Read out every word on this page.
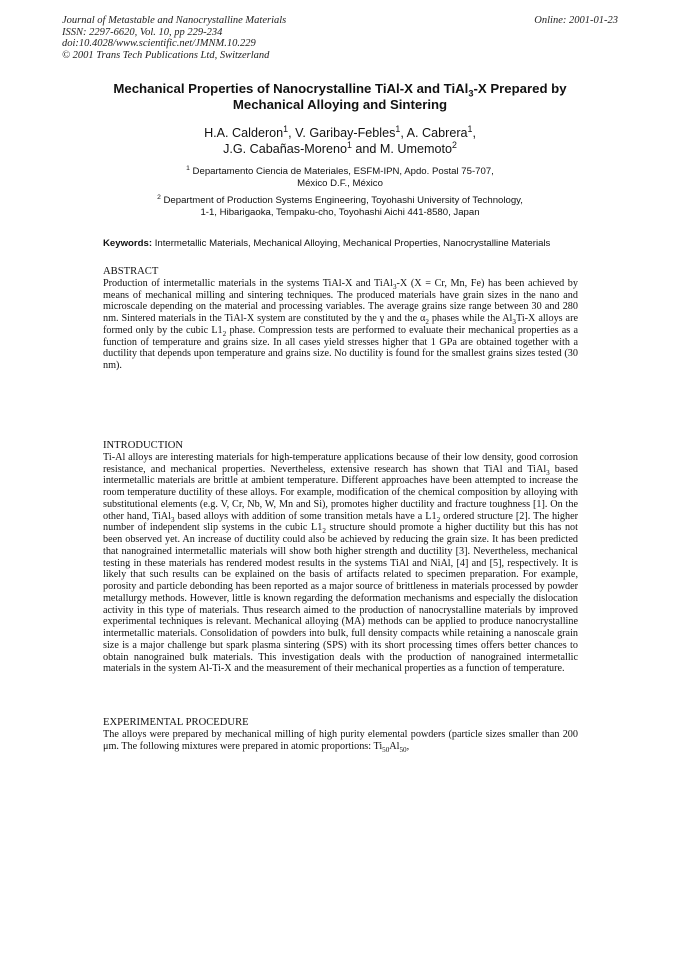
Journal of Metastable and Nanocrystalline Materials
ISSN: 2297-6620, Vol. 10, pp 229-234
doi:10.4028/www.scientific.net/JMNM.10.229
© 2001 Trans Tech Publications Ltd, Switzerland
Online: 2001-01-23
Mechanical Properties of Nanocrystalline TiAl-X and TiAl$_3$-X Prepared by
Mechanical Alloying and Sintering
H.A. Calderon$^1$, V. Garibay-Febles$^1$, A. Cabrera$^1$,
J.G. Cabañas-Moreno$^1$ and M. Umemoto$^2$
$^1$ Departamento Ciencia de Materiales, ESFM-IPN, Apdo. Postal 75-707,
México D.F., México
$^2$ Department of Production Systems Engineering, Toyohashi University of Technology,
1-1, Hibarigaoka, Tempaku-cho, Toyohashi Aichi 441-8580, Japan
Keywords: Intermetallic Materials, Mechanical Alloying, Mechanical Properties, Nanocrystalline Materials
ABSTRACT

Production of intermetallic materials in the systems TiAl-X and TiAl$_3$-X (X = Cr, Mn, Fe) has been achieved by means of mechanical milling and sintering techniques. The produced materials have grain sizes in the nano and microscale depending on the material and processing variables. The average grains size range between 30 and 280 nm. Sintered materials in the TiAl-X system are constituted by the γ and the $\alpha_2$ phases while the $Al_3Ti-X$ alloys are formed only by the cubic $L1_2$ phase. Compression tests are performed to evaluate their mechanical properties as a function of temperature and grains size. In all cases yield stresses higher that 1 GPa are obtained together with a ductility that depends upon temperature and grains size. No ductility is found for the smallest grains sizes tested (30 nm).

INTRODUCTION

Ti-Al alloys are interesting materials for high-temperature applications because of their low density, good corrosion resistance, and mechanical properties. Nevertheless, extensive research has shown that TiAl and TiAl$_3$ based intermetallic materials are brittle at ambient temperature. Different approaches have been attempted to increase the room temperature ductility of these alloys. For example, modification of the chemical composition by alloying with substitutional elements (e.g. V, Cr, Nb, W, Mn and Si), promotes higher ductility and fracture toughness [1]. On the other hand, TiAl$_3$ based alloys with addition of some transition metals have a $L1_2$ ordered structure [2]. The higher number of independent slip systems in the cubic $L1_2$ structure should promote a higher ductility but this has not been observed yet. An increase of ductility could also be achieved by reducing the grain size. It has been predicted that nanograined intermetallic materials will show both higher strength and ductility [3]. Nevertheless, mechanical testing in these materials has rendered modest results in the systems TiAl and NiAl, [4] and [5], respectively. It is likely that such results can be explained on the basis of artifacts related to specimen preparation. For example, porosity and particle debonding has been reported as a major source of brittleness in materials processed by powder metallurgy methods. However, little is known regarding the deformation mechanisms and especially the dislocation activity in this type of materials. Thus research aimed to the production of nanocrystalline materials by improved experimental techniques is relevant. Mechanical alloying (MA) methods can be applied to produce nanocrystalline intermetallic materials. Consolidation of powders into bulk, full density compacts while retaining a nanoscale grain size is a major challenge but spark plasma sintering (SPS) with its short processing times offers better chances to obtain nanograined bulk materials. This investigation deals with the production of nanograined intermetallic materials in the system Al-Ti-X and the measurement of their mechanical properties as a function of temperature.

EXPERIMENTAL PROCEDURE

The alloys were prepared by mechanical milling of high purity elemental powders (particle sizes smaller than 200 μm. The following mixtures were prepared in atomic proportions: $Ti_{50}Al_{50}$,
